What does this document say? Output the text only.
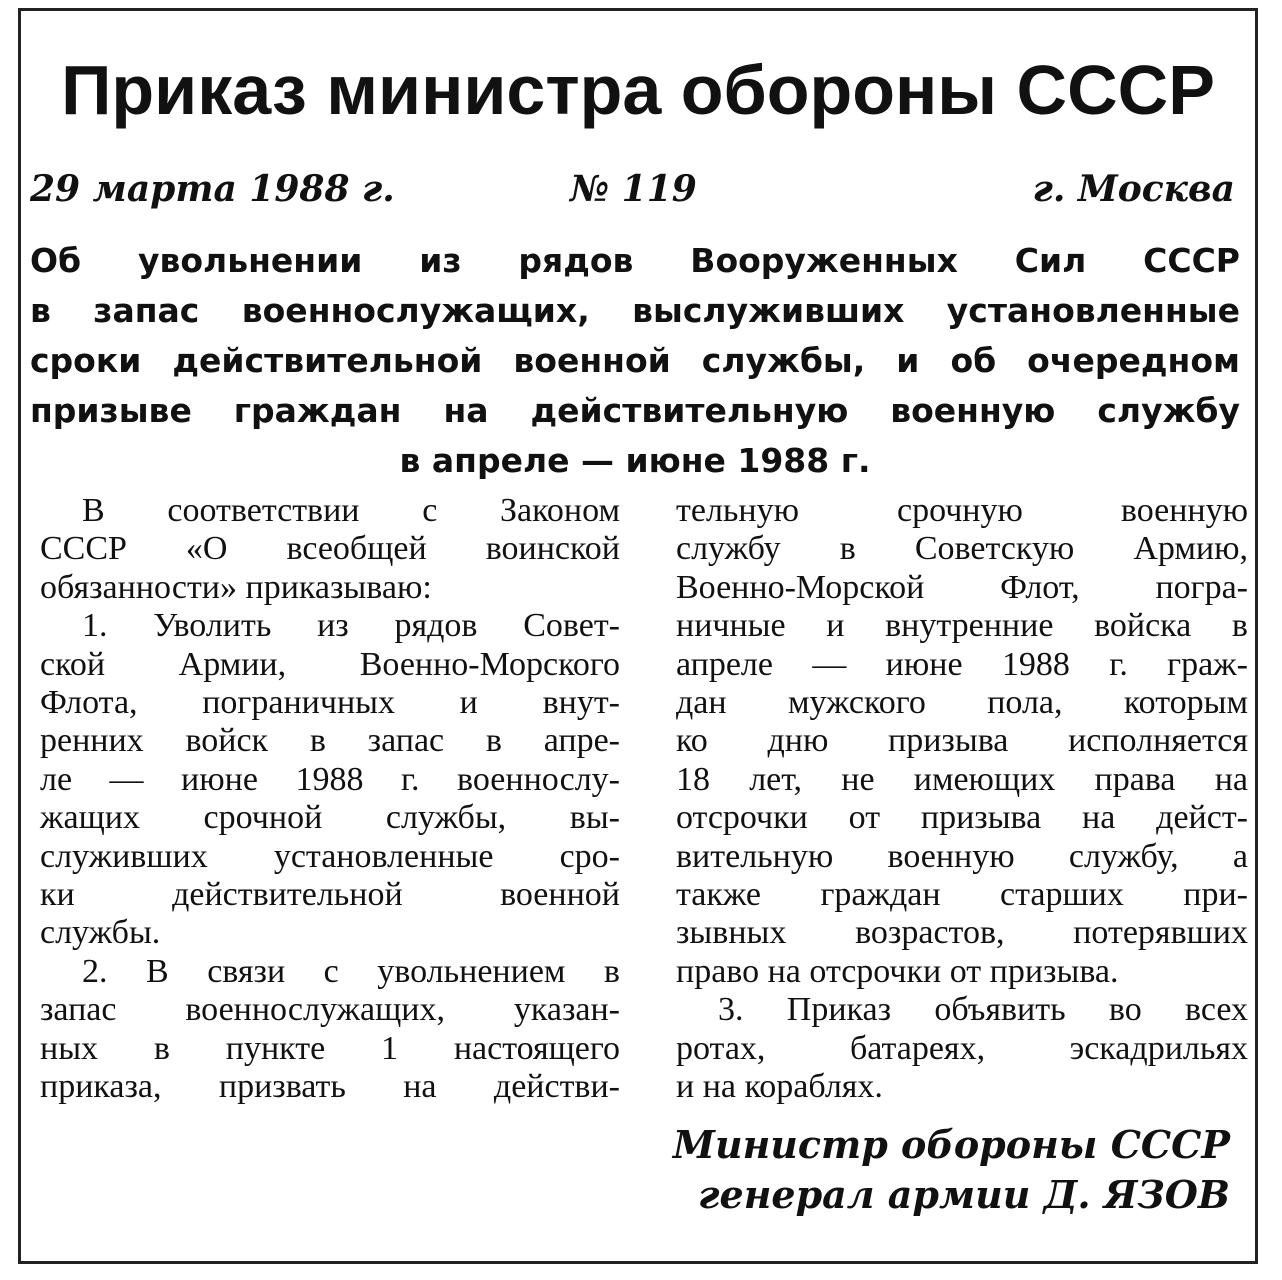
Приказ министра обороны СССР
29 марта 1988 г.	№ 119	г. Москва
Об увольнении из рядов Вооруженных Сил СССР
в запас военнослужащих, выслуживших установленные
сроки действительной военной службы, и об очередном
призыве граждан на действительную военную службу
в апреле — июне 1988 г.
В соответствии с Законом
СССР «О всеобщей воинской
обязанности» приказываю:
1. Уволить из рядов Совет-
ской Армии, Военно-Морского
Флота, пограничных и внут-
ренних войск в запас в апре-
ле — июне 1988 г. военнослу-
жащих срочной службы, вы-
служивших установленные сро-
ки действительной военной
службы.
2. В связи с увольнением в
запас военнослужащих, указан-
ных в пункте 1 настоящего
приказа, призвать на действи-
тельную срочную военную
службу в Советскую Армию,
Военно-Морской Флот, погра-
ничные и внутренние войска в
апреле — июне 1988 г. граж-
дан мужского пола, которым
ко дню призыва исполняется
18 лет, не имеющих права на
отсрочки от призыва на дейст-
вительную военную службу, а
также граждан старших при-
зывных возрастов, потерявших
право на отсрочки от призыва.
3. Приказ объявить во всех
ротах, батареях, эскадрильях
и на кораблях.
Министр обороны СССР
генерал армии Д. ЯЗОВ
